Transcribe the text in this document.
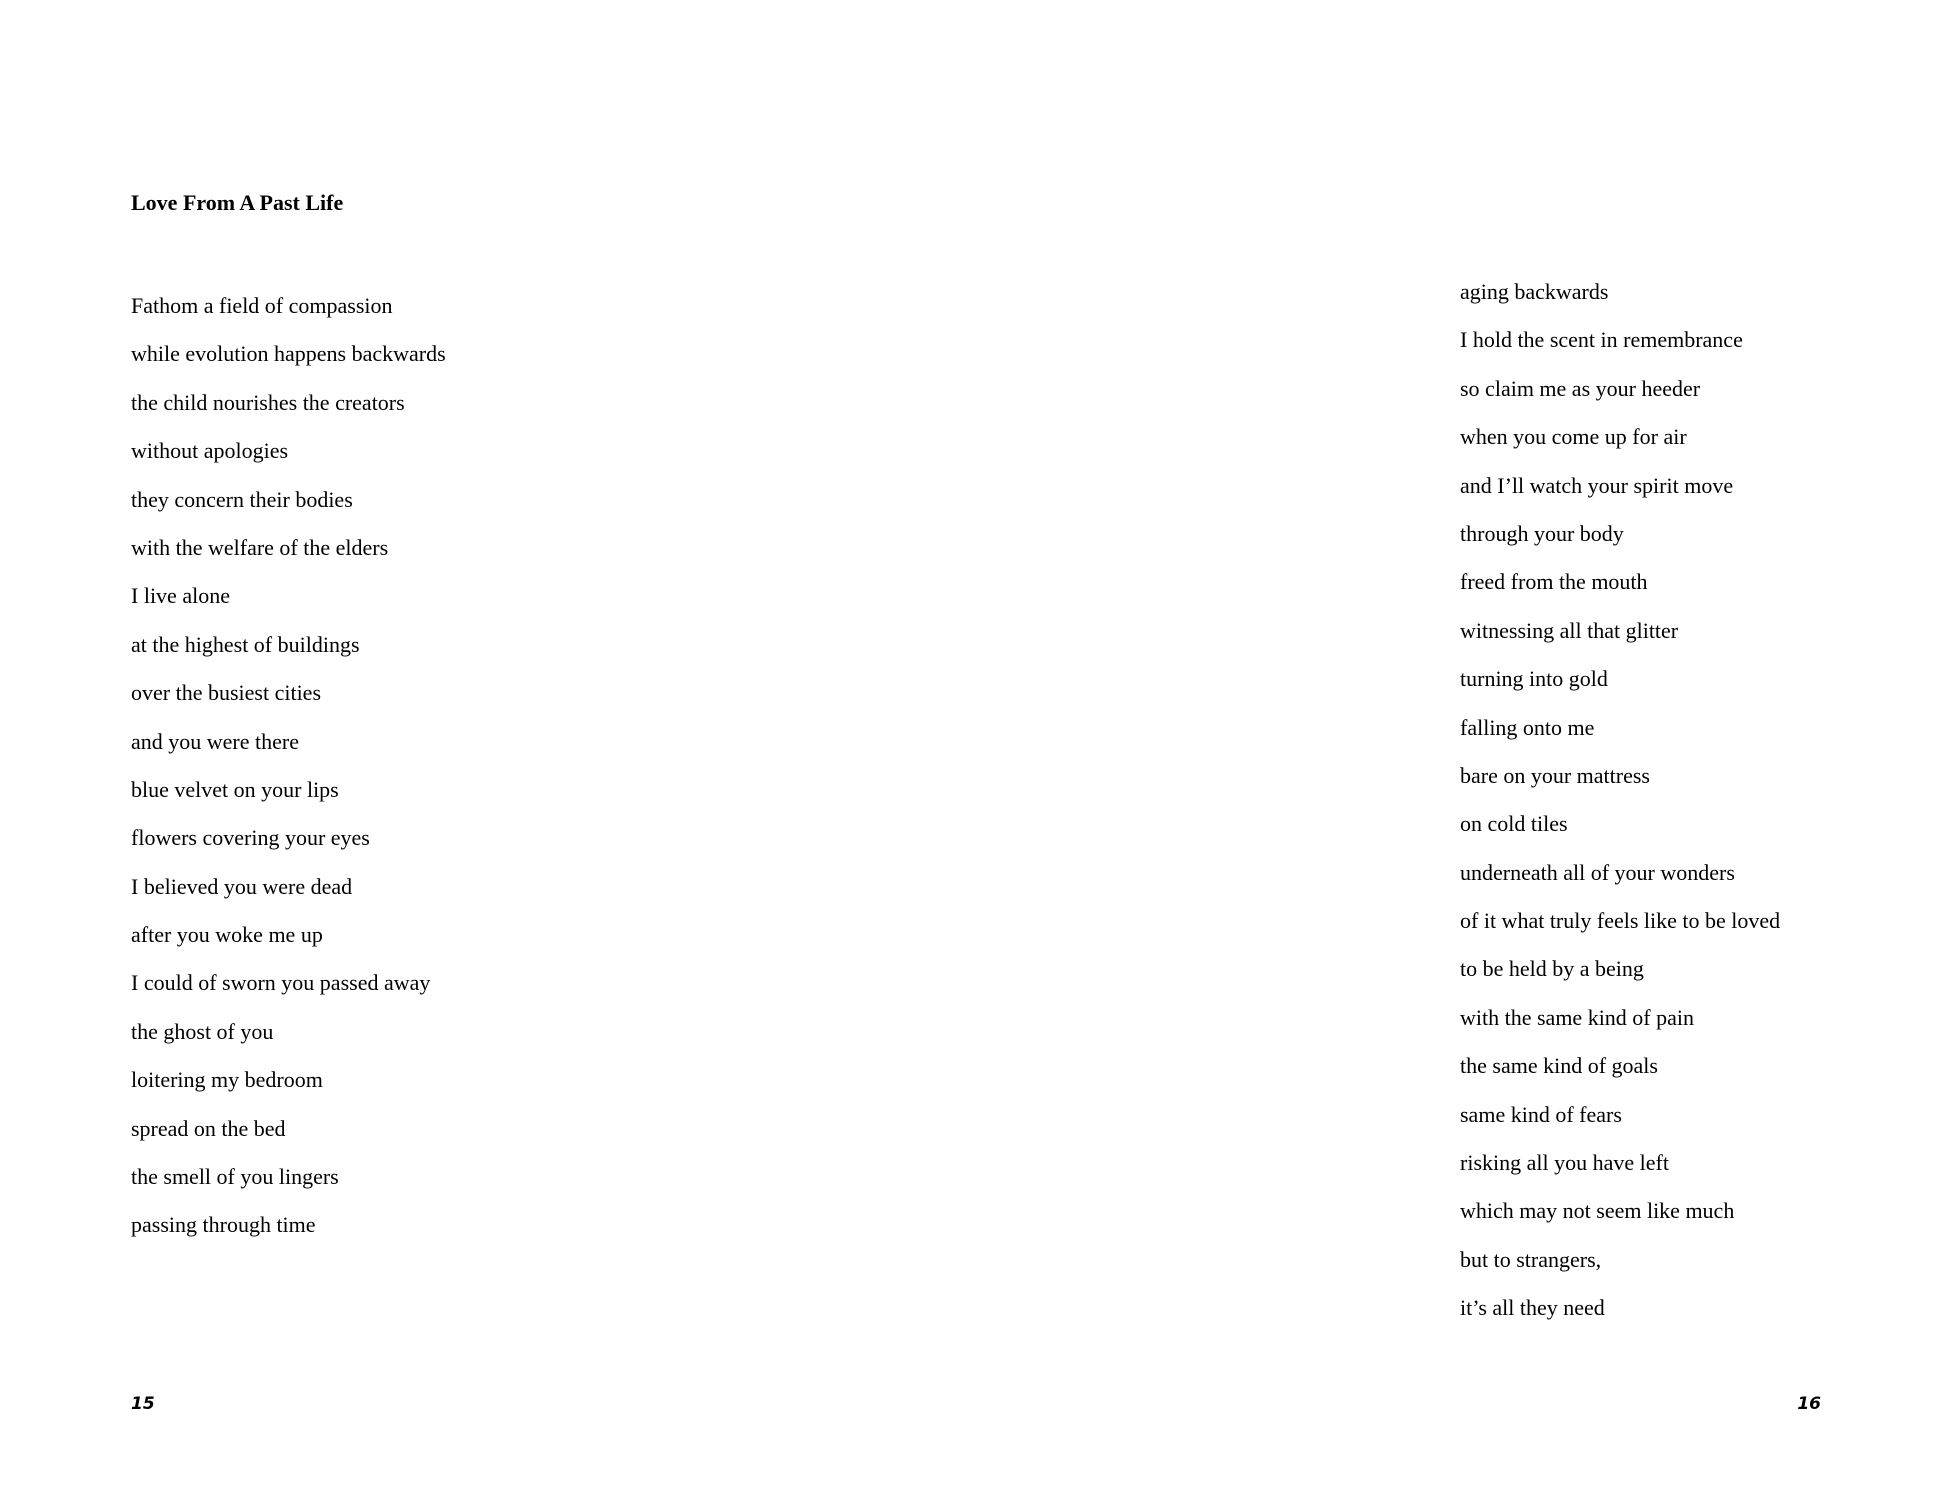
Love From A Past Life
Fathom a field of compassion
while evolution happens backwards
the child nourishes the creators
without apologies
they concern their bodies
with the welfare of the elders
I live alone
at the highest of buildings
over the busiest cities
and you were there
blue velvet on your lips
flowers covering your eyes
I believed you were dead
after you woke me up
I could of sworn you passed away
the ghost of you
loitering my bedroom
spread on the bed
the smell of you lingers
passing through time
15
aging backwards
I hold the scent in remembrance
so claim me as your heeder
when you come up for air
and I’ll watch your spirit move
through your body
freed from the mouth
witnessing all that glitter
turning into gold
falling onto me
bare on your mattress
on cold tiles
underneath all of your wonders
of it what truly feels like to be loved
to be held by a being
with the same kind of pain
the same kind of goals
same kind of fears
risking all you have left
which may not seem like much
but to strangers,
it’s all they need
16
